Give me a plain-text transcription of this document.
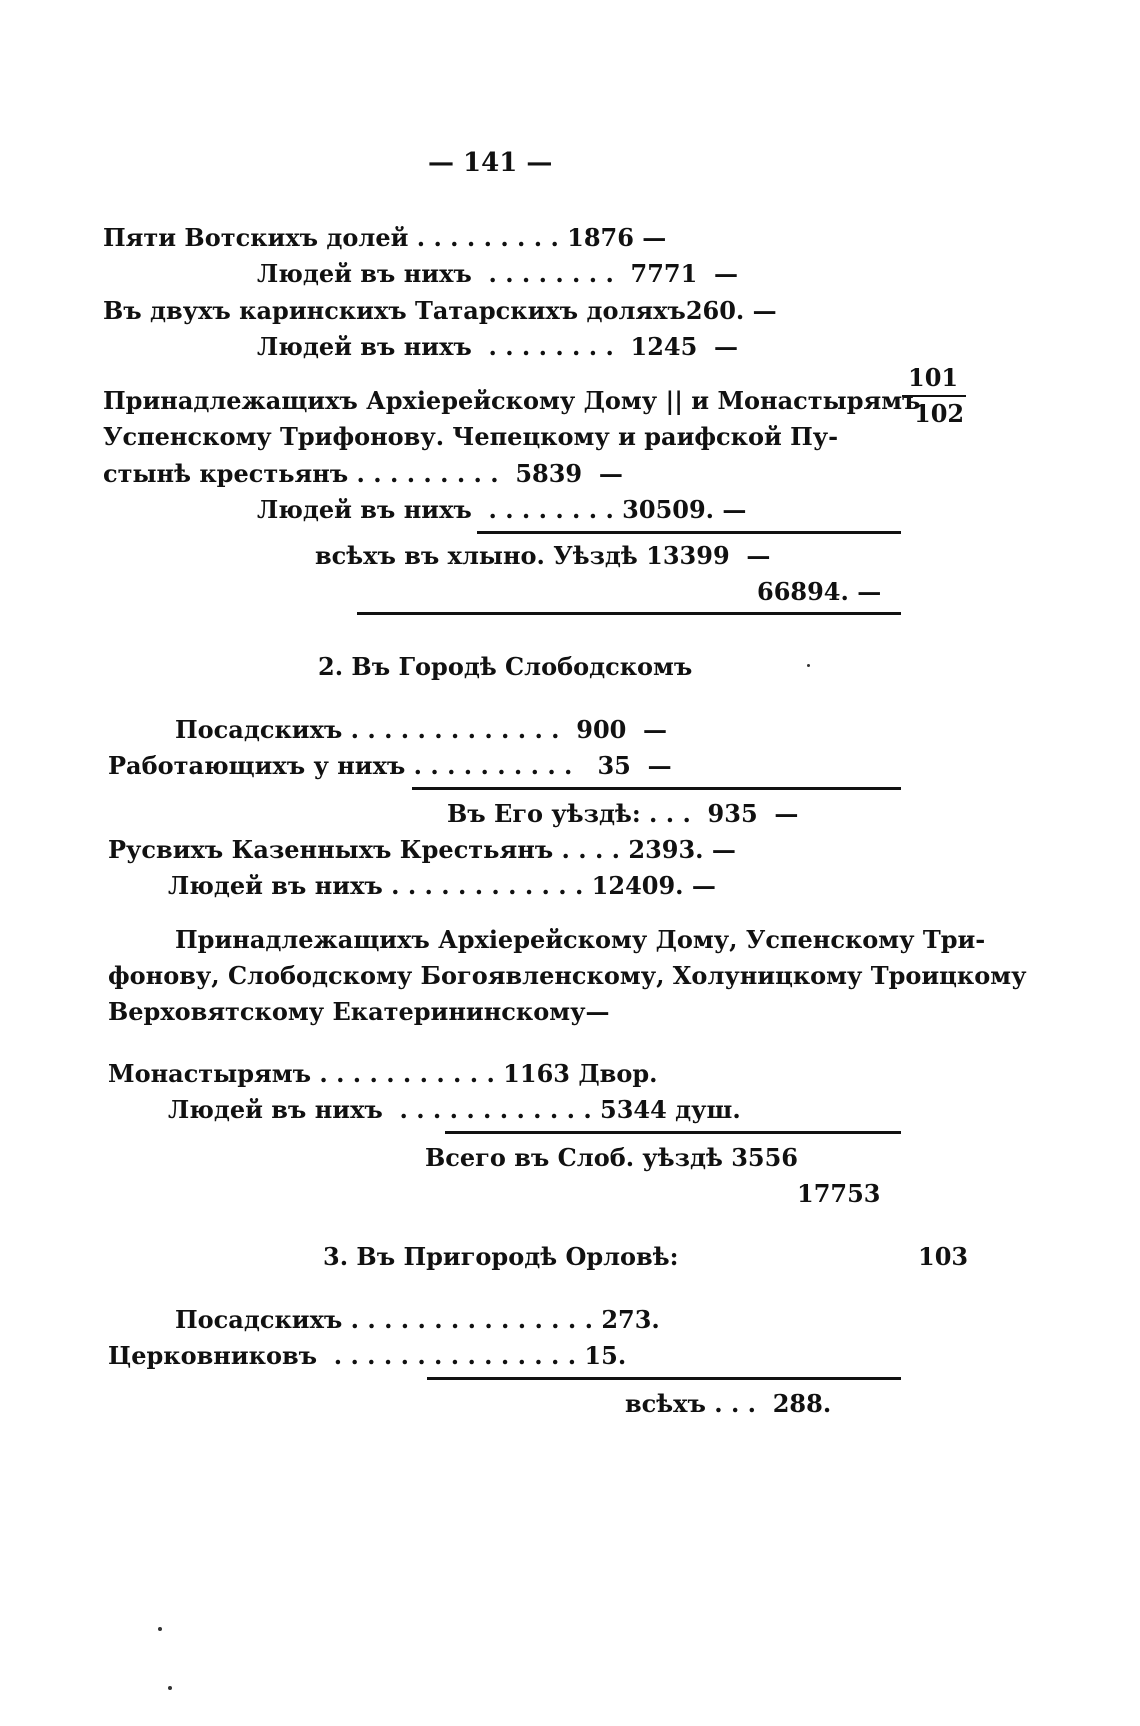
— 141 —
Пяти Вотскихъ долей . . . . . . . . . 1876 —
Людей въ нихъ  . . . . . . . .  7771  —
Въ двухъ каринскихъ Татарскихъ доляхъ260. —
Людей въ нихъ  . . . . . . . .  1245  —
101
102
Принадлежащихъ Архіерейскому Дому || и Монастырямъ
Успенскому Трифонову. Чепецкому и раифской Пу-
стынѣ крестьянъ . . . . . . . . .  5839  —
Людей въ нихъ  . . . . . . . . 30509. —
всѣхъ въ хлыно. Уѣздѣ 13399  —
66894. —
2. Въ Городѣ Слободскомъ
Посадскихъ . . . . . . . . . . . . .  900  —
Работающихъ у нихъ . . . . . . . . . .   35  —
Въ Его уѣздѣ: . . .  935  —
Русвихъ Казенныхъ Крестьянъ . . . . 2393. —
Людей въ нихъ . . . . . . . . . . . . 12409. —
Принадлежащихъ Архіерейскому Дому, Успенскому Три-
фонову, Слободскому Богоявленскому, Холуницкому Троицкому
Верховятскому Екатерининскому—
Монастырямъ . . . . . . . . . . . 1163 Двор.
Людей въ нихъ  . . . . . . . . . . . . 5344 душ.
Всего въ Слоб. уѣздѣ 3556
17753
3. Въ Пригородѣ Орловѣ:	103
Посадскихъ . . . . . . . . . . . . . . . 273.
Церковниковъ  . . . . . . . . . . . . . . . 15.
всѣхъ . . .  288.
